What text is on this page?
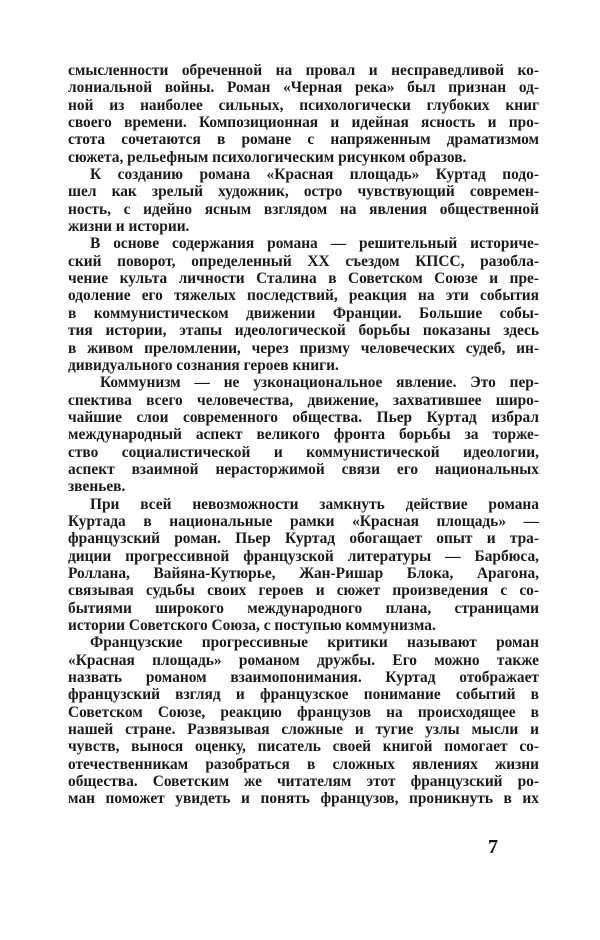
смысленности обреченной на провал и несправедливой ко-
лониальной войны. Роман «Черная река» был признан од-
ной из наиболее сильных, психологически глубоких книг
своего времени. Композиционная и идейная ясность и про-
стота сочетаются в романе с напряженным драматизмом
сюжета, рельефным психологическим рисунком образов.
К созданию романа «Красная площадь» Куртад подо-
шел как зрелый художник, остро чувствующий современ-
ность, с идейно ясным взглядом на явления общественной
жизни и истории.
В основе содержания романа — решительный историче-
ский поворот, определенный XX съездом КПСС, разобла-
чение культа личности Сталина в Советском Союзе и пре-
одоление его тяжелых последствий, реакция на эти события
в коммунистическом движении Франции. Большие собы-
тия истории, этапы идеологической борьбы показаны здесь
в живом преломлении, через призму человеческих судеб, ин-
дивидуального сознания героев книги.
Коммунизм — не узконациональное явление. Это пер-
спектива всего человечества, движение, захватившее широ-
чайшие слои современного общества. Пьер Куртад избрал
международный аспект великого фронта борьбы за торже-
ство социалистической и коммунистической идеологии,
аспект взаимной нерасторжимой связи его национальных
звеньев.
При всей невозможности замкнуть действие романа
Куртада в национальные рамки «Красная площадь» —
французский роман. Пьер Куртад обогащает опыт и тра-
диции прогрессивной французской литературы — Барбюса,
Роллана, Вайяна-Кутюрье, Жан-Ришар Блока, Арагона,
связывая судьбы своих героев и сюжет произведения с со-
бытиями широкого международного плана, страницами
истории Советского Союза, с поступью коммунизма.
Французские прогрессивные критики называют роман
«Красная площадь» романом дружбы. Его можно также
назвать романом взаимопонимания. Куртад отображает
французский взгляд и французское понимание событий в
Советском Союзе, реакцию французов на происходящее в
нашей стране. Развязывая сложные и тугие узлы мысли и
чувств, вынося оценку, писатель своей книгой помогает со-
отечественникам разобраться в сложных явлениях жизни
общества. Советским же читателям этот французский ро-
ман поможет увидеть и понять французов, проникнуть в их
7
